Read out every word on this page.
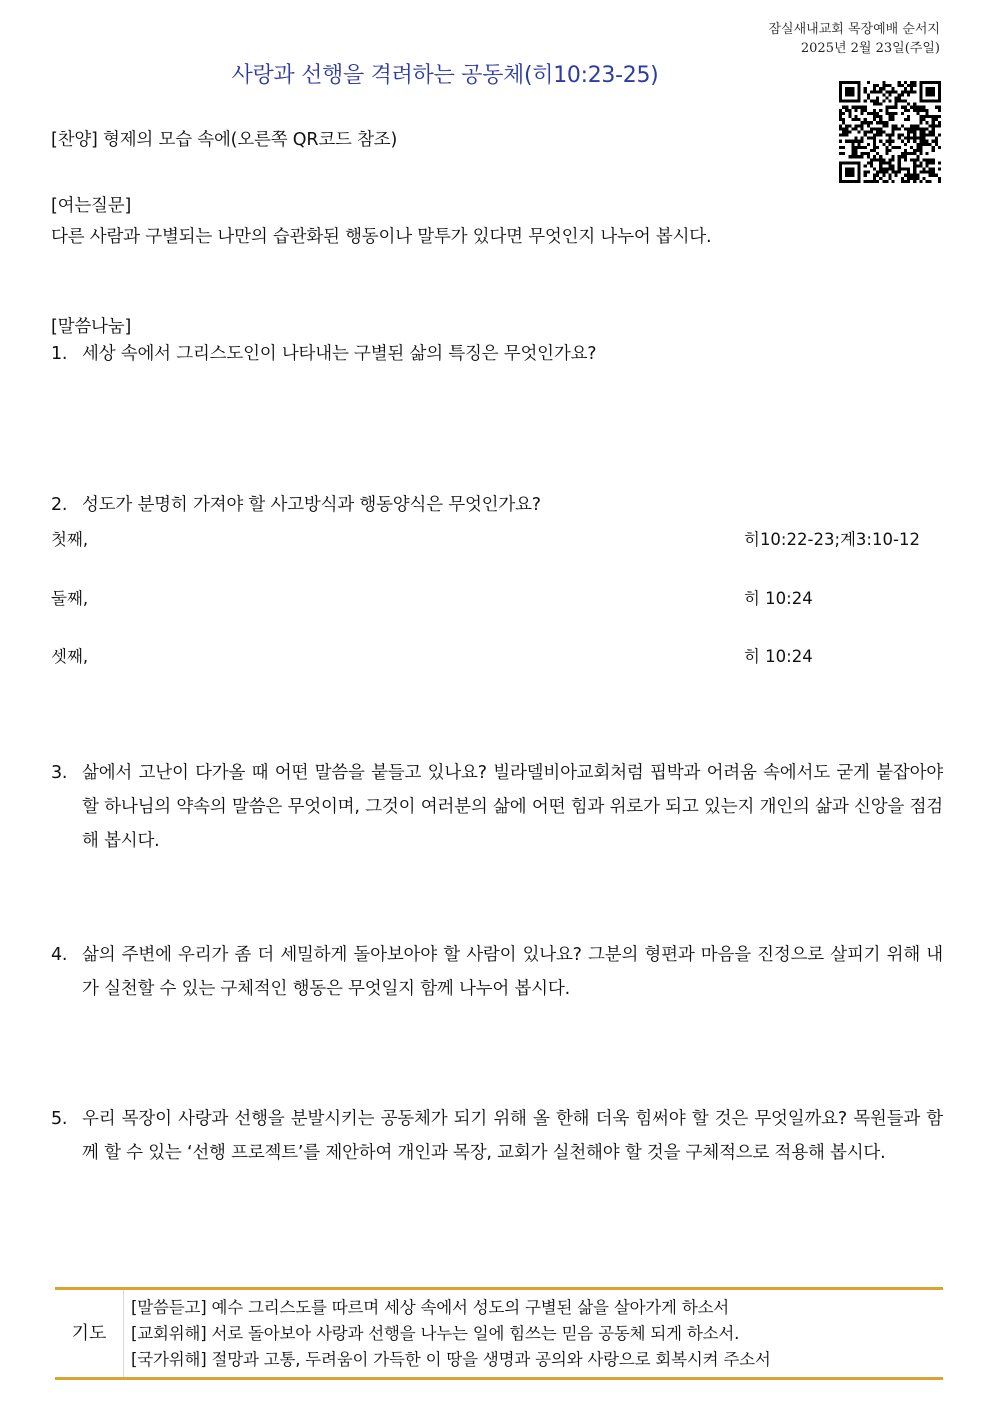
잠실새내교회 목장예배 순서지
2025년 2월 23일(주일)
사랑과 선행을 격려하는 공동체(히10:23-25)
[찬양] 형제의 모습 속에(오른쪽 QR코드 참조)
[여는질문]
다른 사람과 구별되는 나만의 습관화된 행동이나 말투가 있다면 무엇인지 나누어 봅시다.
[말씀나눔]
1. 세상 속에서 그리스도인이 나타내는 구별된 삶의 특징은 무엇인가요?
2. 성도가 분명히 가져야 할 사고방식과 행동양식은 무엇인가요?
첫째,	히10:22-23;계3:10-12
둘째,	히 10:24
셋째,	히 10:24
3. 삶에서 고난이 다가올 때 어떤 말씀을 붙들고 있나요? 빌라델비아교회처럼 핍박과 어려움 속에서도 굳게 붙잡아야 할 하나님의 약속의 말씀은 무엇이며, 그것이 여러분의 삶에 어떤 힘과 위로가 되고 있는지 개인의 삶과 신앙을 점검해 봅시다.
4. 삶의 주변에 우리가 좀 더 세밀하게 돌아보아야 할 사람이 있나요? 그분의 형편과 마음을 진정으로 살피기 위해 내가 실천할 수 있는 구체적인 행동은 무엇일지 함께 나누어 봅시다.
5. 우리 목장이 사랑과 선행을 분발시키는 공동체가 되기 위해 올 한해 더욱 힘써야 할 것은 무엇일까요? 목원들과 함께 할 수 있는 ‘선행 프로젝트’를 제안하여 개인과 목장, 교회가 실천해야 할 것을 구체적으로 적용해 봅시다.
기도
[말씀듣고] 예수 그리스도를 따르며 세상 속에서 성도의 구별된 삶을 살아가게 하소서
[교회위해] 서로 돌아보아 사랑과 선행을 나누는 일에 힘쓰는 믿음 공동체 되게 하소서.
[국가위해] 절망과 고통, 두려움이 가득한 이 땅을 생명과 공의와 사랑으로 회복시켜 주소서
